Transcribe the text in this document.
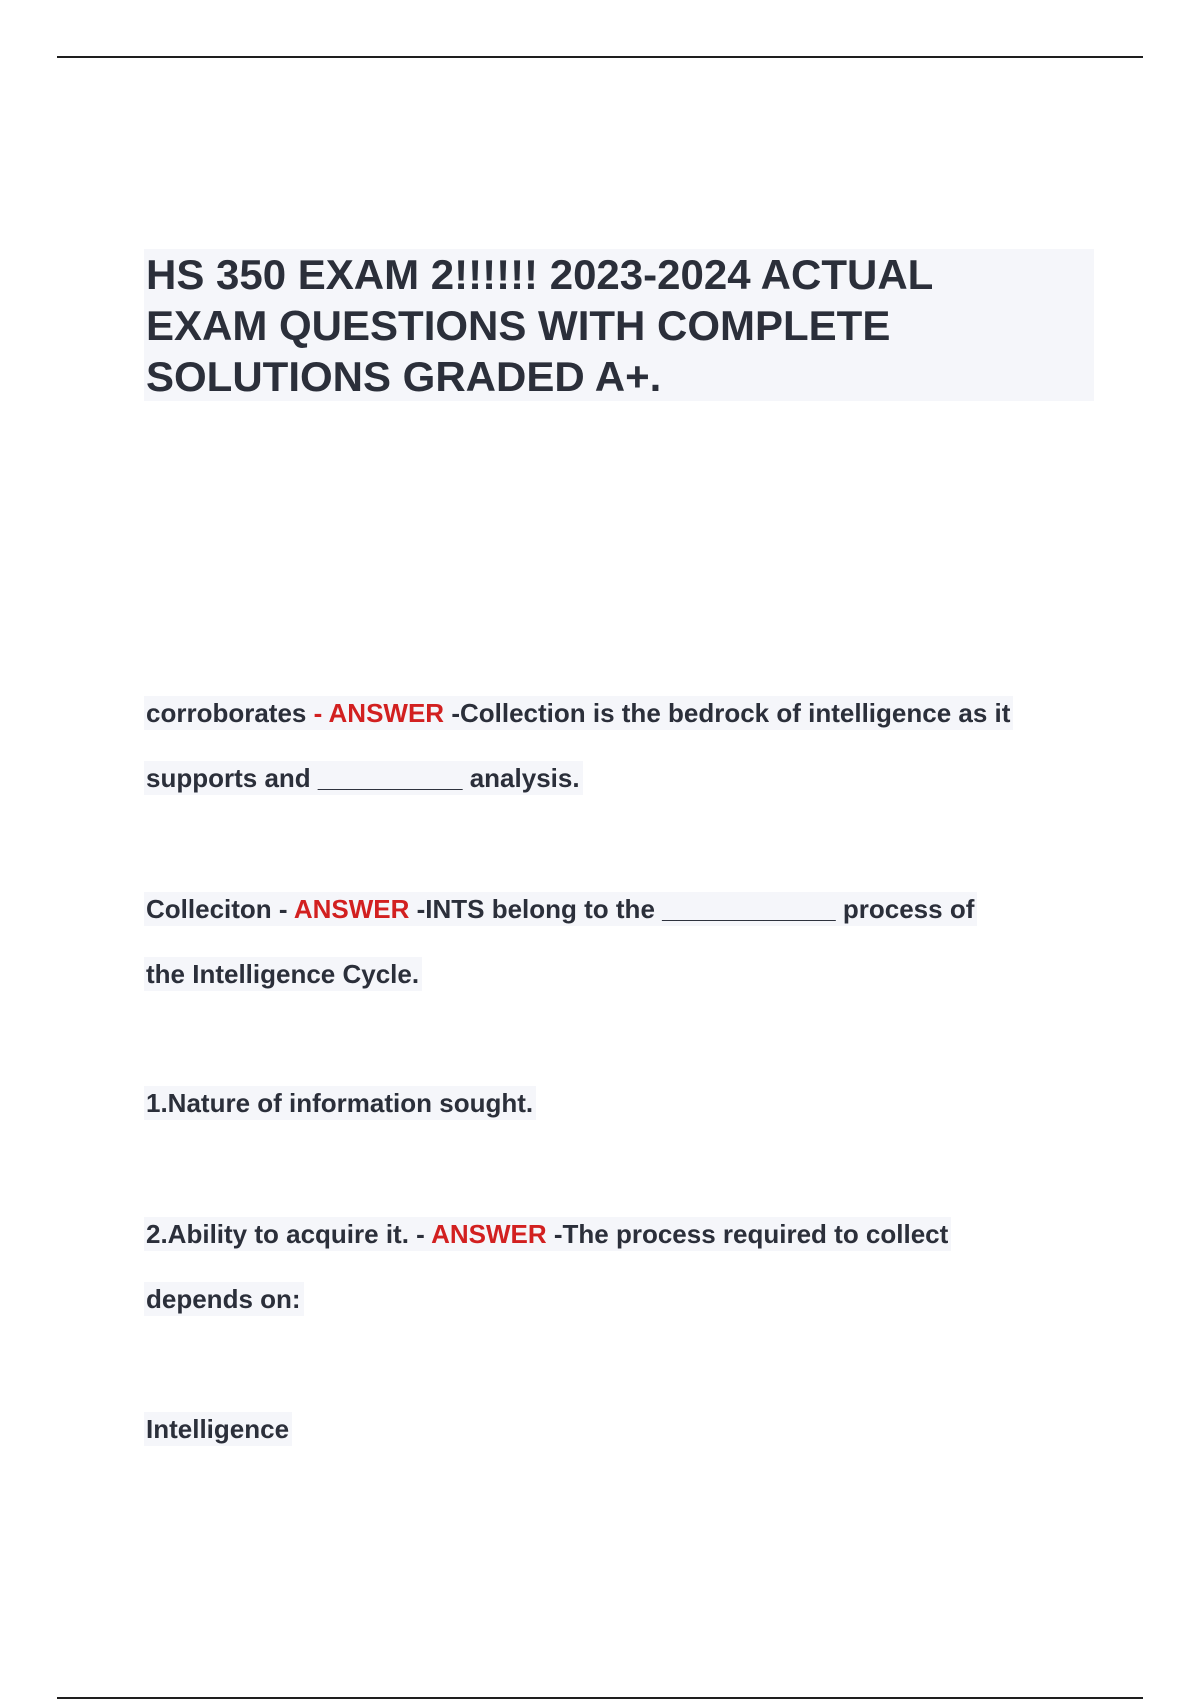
HS 350 EXAM 2!!!!!! 2023-2024 ACTUAL
EXAM QUESTIONS WITH COMPLETE
SOLUTIONS GRADED A+.
corroborates - ANSWER -Collection is the bedrock of intelligence as it
supports and __________ analysis.
Colleciton - ANSWER -INTS belong to the ____________ process of
the Intelligence Cycle.
1.Nature of information sought.
2.Ability to acquire it. - ANSWER -The process required to collect
depends on:
Intelligence
